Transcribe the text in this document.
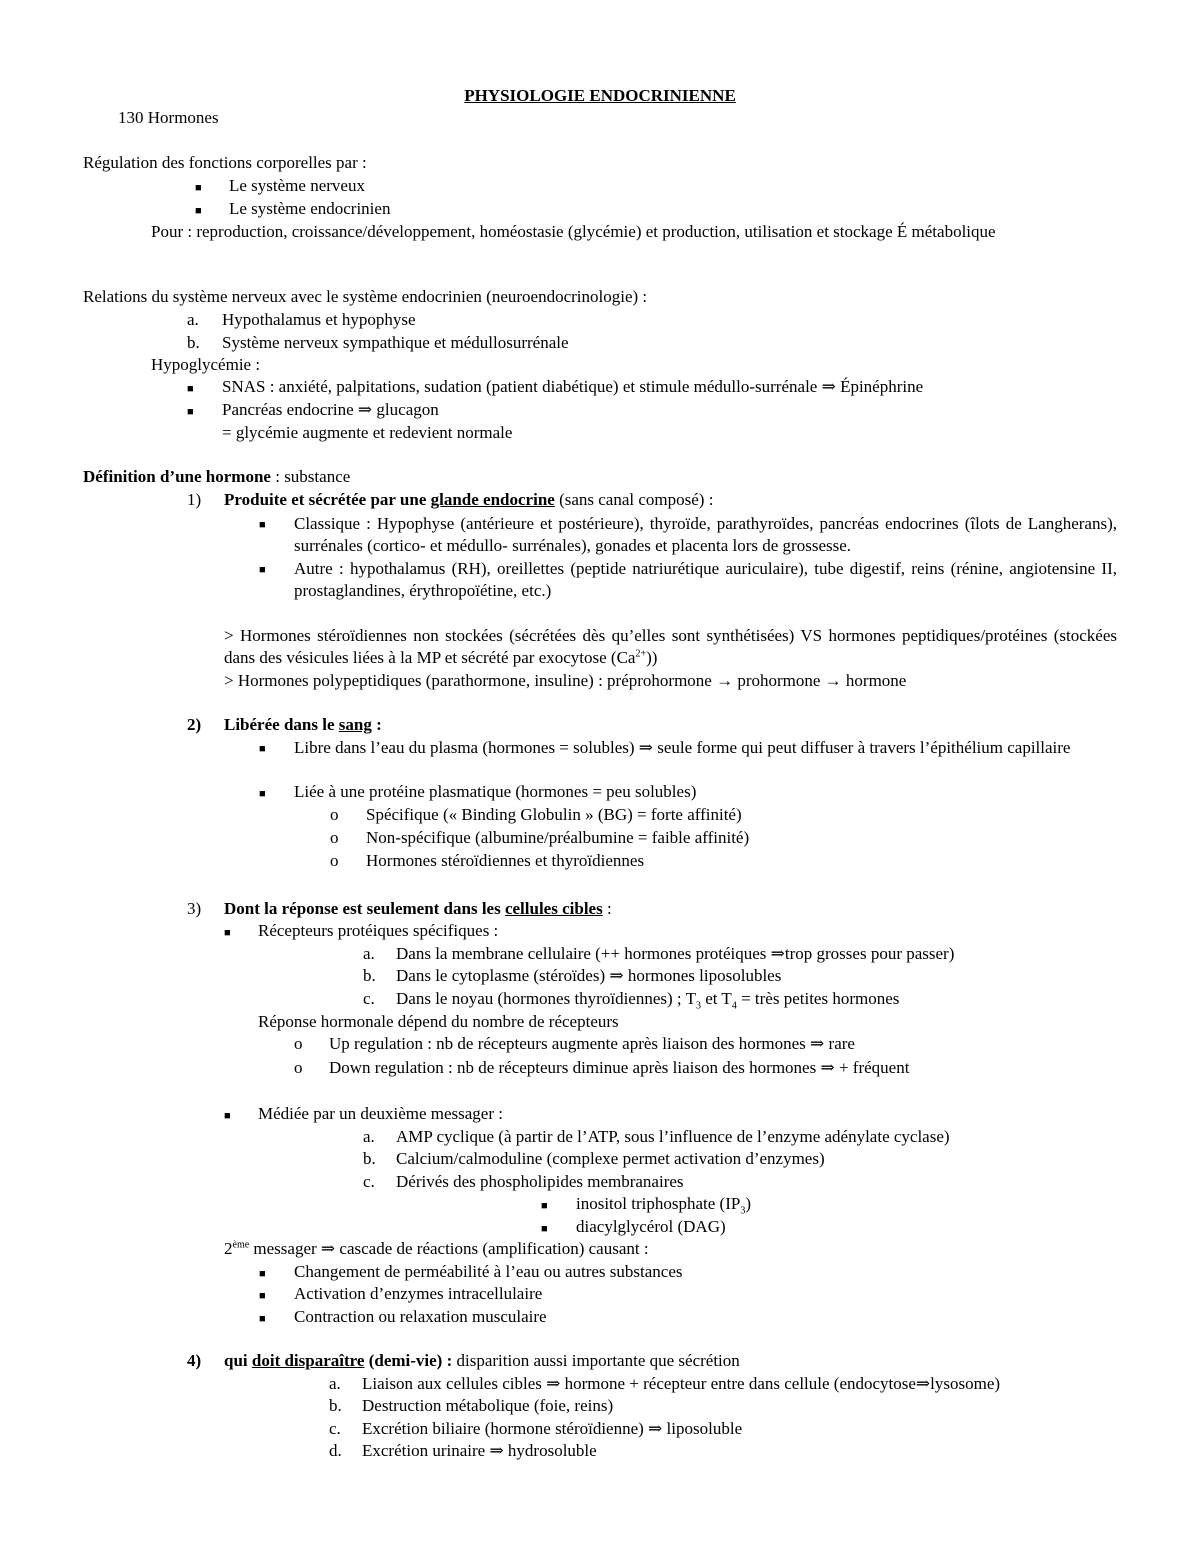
PHYSIOLOGIE ENDOCRINIENNE
130 Hormones
Régulation des fonctions corporelles par :
■ Le système nerveux
■ Le système endocrinien
Pour : reproduction, croissance/développement, homéostasie (glycémie) et production, utilisation et stockage É métabolique
Relations du système nerveux avec le système endocrinien (neuroendocrinologie) :
a. Hypothalamus et hypophyse
b. Système nerveux sympathique et médullosurrénale
Hypoglycémie :
■ SNAS : anxiété, palpitations, sudation (patient diabétique) et stimule médullo-surrénale ⇒ Épinéphrine
■ Pancréas endocrine ⇒ glucagon
= glycémie augmente et redevient normale
Définition d’une hormone : substance
1) Produite et sécrétée par une glande endocrine (sans canal composé) :
■ Classique : Hypophyse (antérieure et postérieure), thyroïde, parathyroïdes, pancréas endocrines (îlots de Langherans), surrénales (cortico- et médullo- surrénales), gonades et placenta lors de grossesse.
■ Autre : hypothalamus (RH), oreillettes (peptide natriurétique auriculaire), tube digestif, reins (rénine, angiotensine II, prostaglandines, érythropoïétine, etc.)
> Hormones stéroïdiennes non stockées (sécrétées dès qu’elles sont synthétisées) VS hormones peptidiques/protéines (stockées dans des vésicules liées à la MP et sécrété par exocytose $(Ca^{2+})$)
> Hormones polypeptidiques (parathormone, insuline) : préprohormone → prohormone → hormone
2) Libérée dans le sang :
■ Libre dans l’eau du plasma (hormones = solubles) ⇒ seule forme qui peut diffuser à travers l’épithélium capillaire
■ Liée à une protéine plasmatique (hormones = peu solubles)
o Spécifique (« Binding Globulin » (BG) = forte affinité)
o Non-spécifique (albumine/préalbumine = faible affinité)
o Hormones stéroïdiennes et thyroïdiennes
3) Dont la réponse est seulement dans les cellules cibles :
■ Récepteurs protéiques spécifiques :
a. Dans la membrane cellulaire (++ hormones protéiques ⇒trop grosses pour passer)
b. Dans le cytoplasme (stéroïdes) ⇒ hormones liposolubles
c. Dans le noyau (hormones thyroïdiennes) ; $T_3$ et $T_4$ = très petites hormones
Réponse hormonale dépend du nombre de récepteurs
o Up regulation : nb de récepteurs augmente après liaison des hormones ⇒ rare
o Down regulation : nb de récepteurs diminue après liaison des hormones ⇒ + fréquent
■ Médiée par un deuxième messager :
a. AMP cyclique (à partir de l’ATP, sous l’influence de l’enzyme adénylate cyclase)
b. Calcium/calmoduline (complexe permet activation d’enzymes)
c. Dérivés des phospholipides membranaires
■ inositol triphosphate $(IP_3)$
■ diacylglycérol (DAG)
2ème messager ⇒ cascade de réactions (amplification) causant :
■ Changement de perméabilité à l’eau ou autres substances
■ Activation d’enzymes intracellulaire
■ Contraction ou relaxation musculaire
4) qui doit disparaître (demi-vie) : disparition aussi importante que sécrétion
a. Liaison aux cellules cibles ⇒ hormone + récepteur entre dans cellule (endocytose⇒lysosome)
b. Destruction métabolique (foie, reins)
c. Excrétion biliaire (hormone stéroïdienne) ⇒ liposoluble
d. Excrétion urinaire ⇒ hydrosoluble
